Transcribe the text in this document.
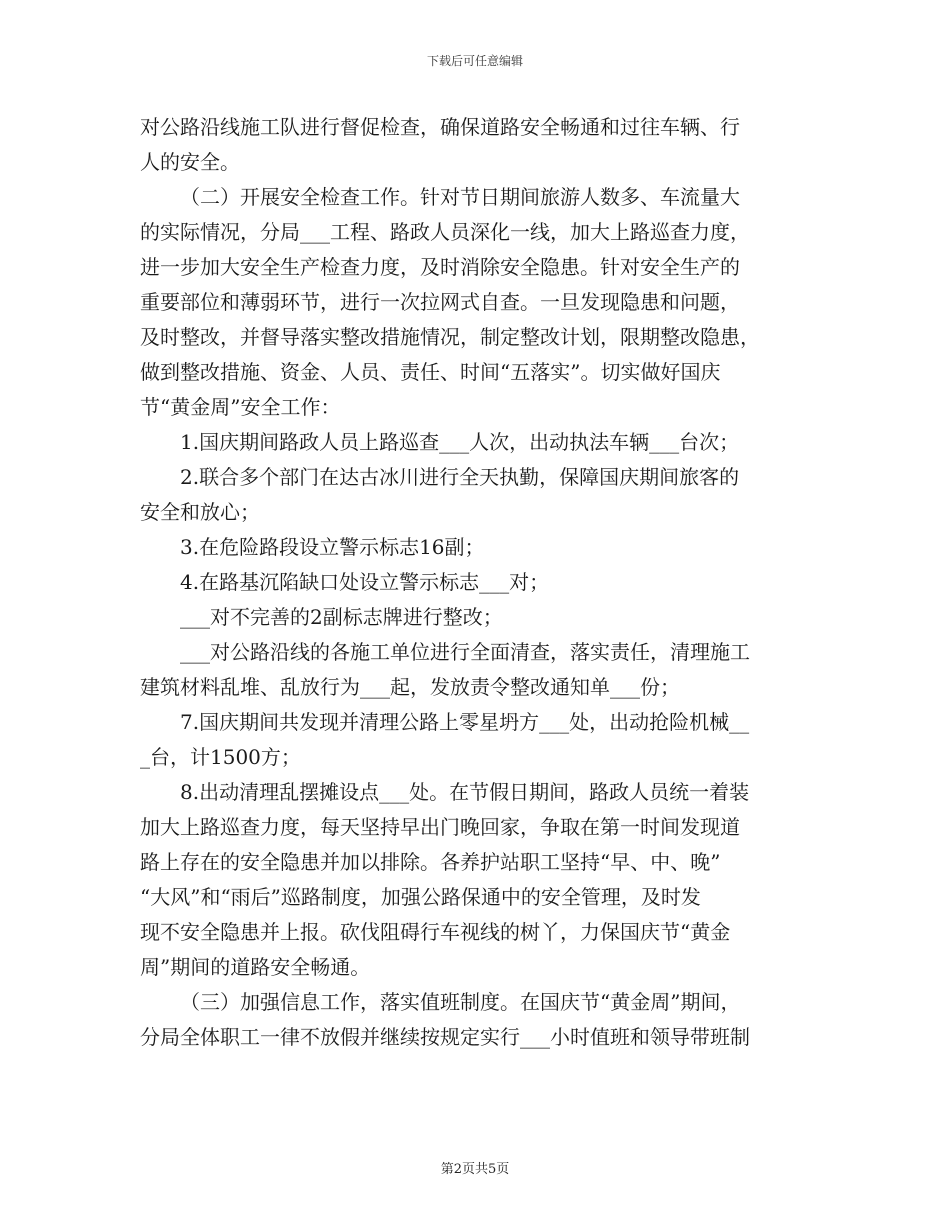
下载后可任意编辑

对公路沿线施工队进行督促检查，确保道路安全畅通和过往车辆、行

人的安全。

（二）开展安全检查工作。针对节日期间旅游人数多、车流量大

的实际情况，分局___工程、路政人员深化一线，加大上路巡查力度，

进一步加大安全生产检查力度，及时消除安全隐患。针对安全生产的

重要部位和薄弱环节，进行一次拉网式自查。一旦发现隐患和问题，

及时整改，并督导落实整改措施情况，制定整改计划，限期整改隐患，

做到整改措施、资金、人员、责任、时间“五落实”。切实做好国庆

节“黄金周”安全工作：

1.国庆期间路政人员上路巡查___人次，出动执法车辆___台次；

2.联合多个部门在达古冰川进行全天执勤，保障国庆期间旅客的

安全和放心；

3.在危险路段设立警示标志16副；

4.在路基沉陷缺口处设立警示标志___对；

___对不完善的2副标志牌进行整改；

___对公路沿线的各施工单位进行全面清查，落实责任，清理施工

建筑材料乱堆、乱放行为___起，发放责令整改通知单___份；

7.国庆期间共发现并清理公路上零星坍方___处，出动抢险机械__

_台，计1500方；

8.出动清理乱摆摊设点___处。在节假日期间，路政人员统一着装

加大上路巡查力度，每天坚持早出门晚回家，争取在第一时间发现道

路上存在的安全隐患并加以排除。各养护站职工坚持“早、中、晚”

“大风”和“雨后”巡路制度，加强公路保通中的安全管理，及时发

现不安全隐患并上报。砍伐阻碍行车视线的树丫，力保国庆节“黄金

周”期间的道路安全畅通。

（三）加强信息工作，落实值班制度。在国庆节“黄金周”期间，

分局全体职工一律不放假并继续按规定实行___小时值班和领导带班制

第2页共5页
